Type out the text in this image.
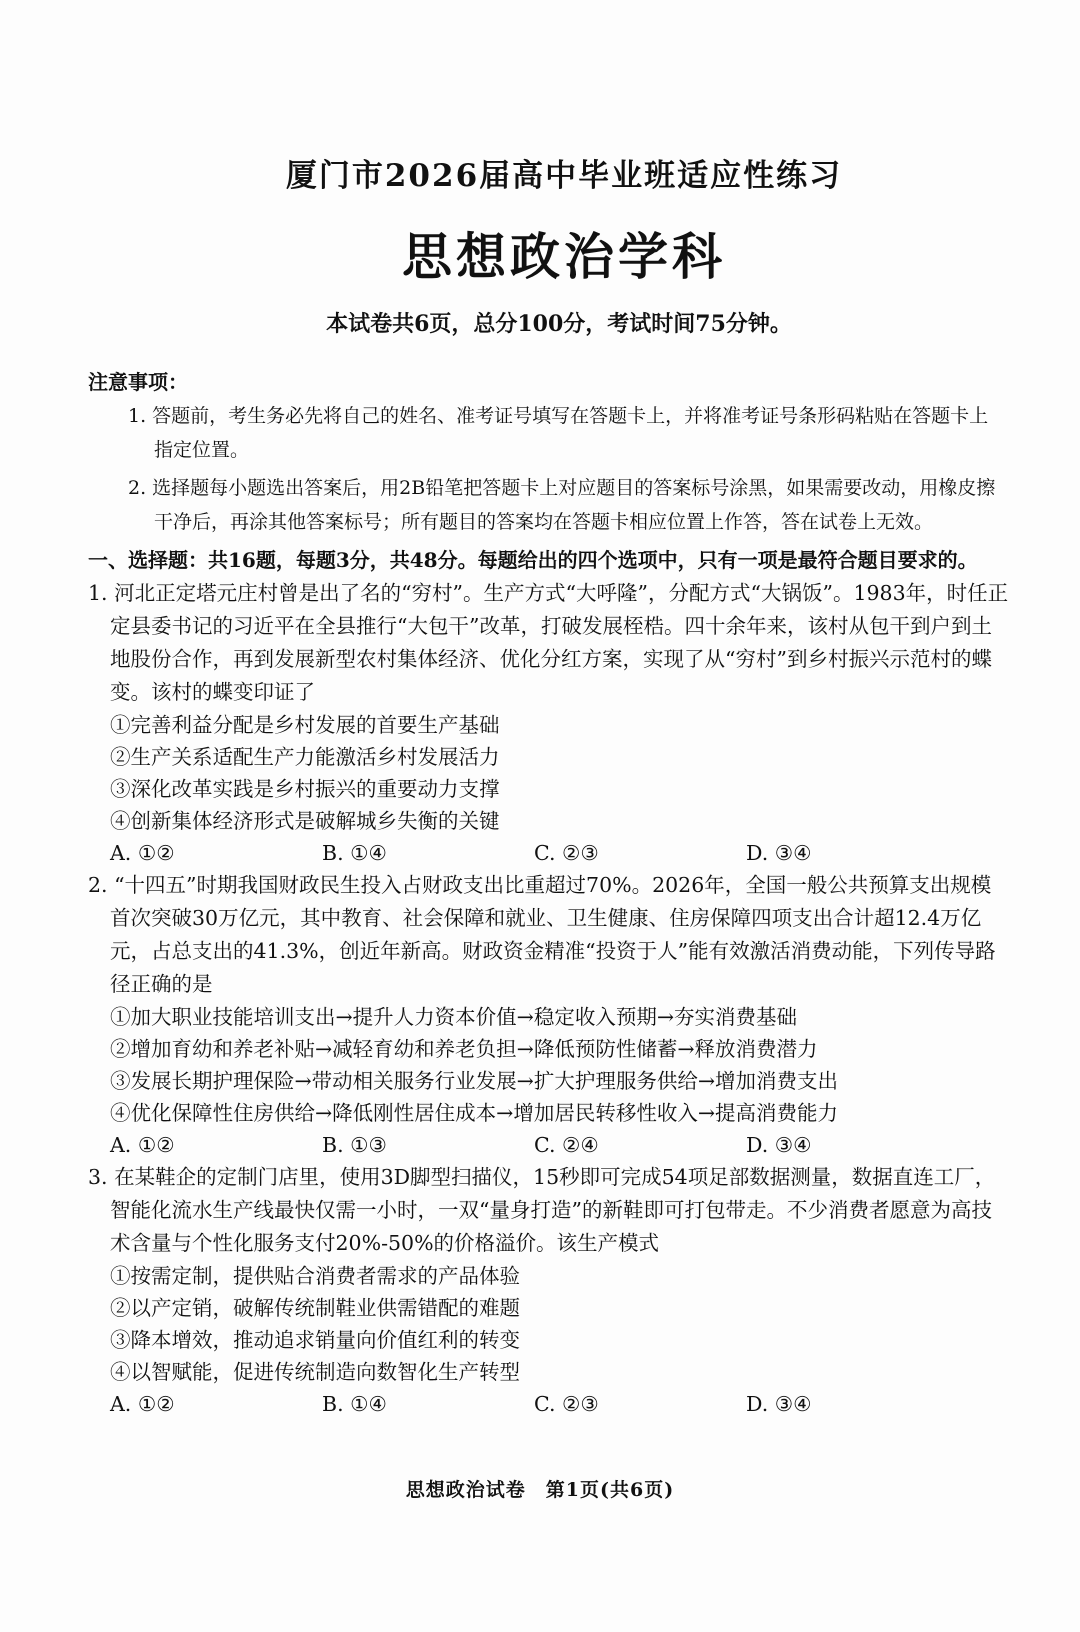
厦门市2026届高中毕业班适应性练习
思想政治学科
本试卷共6页，总分100分，考试时间75分钟。
注意事项：
1. 答题前，考生务必先将自己的姓名、准考证号填写在答题卡上，并将准考证号条形码粘贴在答题卡上指定位置。
2. 选择题每小题选出答案后，用2B铅笔把答题卡上对应题目的答案标号涂黑，如果需要改动，用橡皮擦干净后，再涂其他答案标号；所有题目的答案均在答题卡相应位置上作答，答在试卷上无效。
一、选择题：共16题，每题3分，共48分。每题给出的四个选项中，只有一项是最符合题目要求的。
1. 河北正定塔元庄村曾是出了名的“穷村”。生产方式“大呼隆”，分配方式“大锅饭”。1983年，时任正定县委书记的习近平在全县推行“大包干”改革，打破发展桎梏。四十余年来，该村从包干到户到土地股份合作，再到发展新型农村集体经济、优化分红方案，实现了从“穷村”到乡村振兴示范村的蝶变。该村的蝶变印证了
①完善利益分配是乡村发展的首要生产基础
②生产关系适配生产力能激活乡村发展活力
③深化改革实践是乡村振兴的重要动力支撑
④创新集体经济形式是破解城乡失衡的关键
A. ①②	B. ①④	C. ②③	D. ③④
2. “十四五”时期我国财政民生投入占财政支出比重超过70%。2026年，全国一般公共预算支出规模首次突破30万亿元，其中教育、社会保障和就业、卫生健康、住房保障四项支出合计超12.4万亿元，占总支出的41.3%，创近年新高。财政资金精准“投资于人”能有效激活消费动能，下列传导路径正确的是
①加大职业技能培训支出→提升人力资本价值→稳定收入预期→夯实消费基础
②增加育幼和养老补贴→减轻育幼和养老负担→降低预防性储蓄→释放消费潜力
③发展长期护理保险→带动相关服务行业发展→扩大护理服务供给→增加消费支出
④优化保障性住房供给→降低刚性居住成本→增加居民转移性收入→提高消费能力
A. ①②	B. ①③	C. ②④	D. ③④
3. 在某鞋企的定制门店里，使用3D脚型扫描仪，15秒即可完成54项足部数据测量，数据直连工厂，智能化流水生产线最快仅需一小时，一双“量身打造”的新鞋即可打包带走。不少消费者愿意为高技术含量与个性化服务支付20%-50%的价格溢价。该生产模式
①按需定制，提供贴合消费者需求的产品体验
②以产定销，破解传统制鞋业供需错配的难题
③降本增效，推动追求销量向价值红利的转变
④以智赋能，促进传统制造向数智化生产转型
A. ①②	B. ①④	C. ②③	D. ③④
思想政治试卷　第1页(共6页)
